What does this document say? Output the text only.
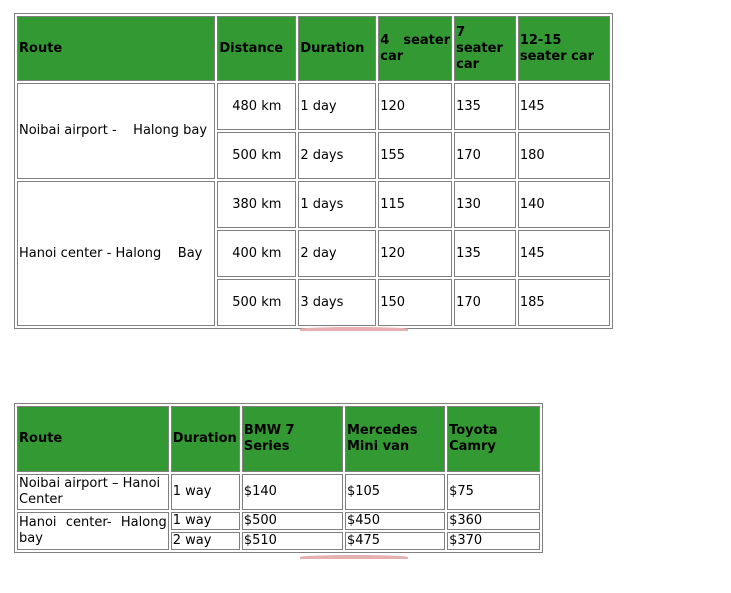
Route	Distance	Duration	4 seater car	7 seater car	12-15 seater car
Noibai airport -    Halong bay	480 km	1 day	120	135	145
	500 km	2 days	155	170	180
Hanoi center - Halong    Bay	380 km	1 days	115	130	140
	400 km	2 day	120	135	145
	500 km	3 days	150	170	185
Route	Duration	BMW 7 Series	Mercedes Mini van	Toyota Camry
Noibai airport – Hanoi Center	1 way	$140	$105	$75
Hanoi center- Halong bay	1 way	$500	$450	$360
	2 way	$510	$475	$370
